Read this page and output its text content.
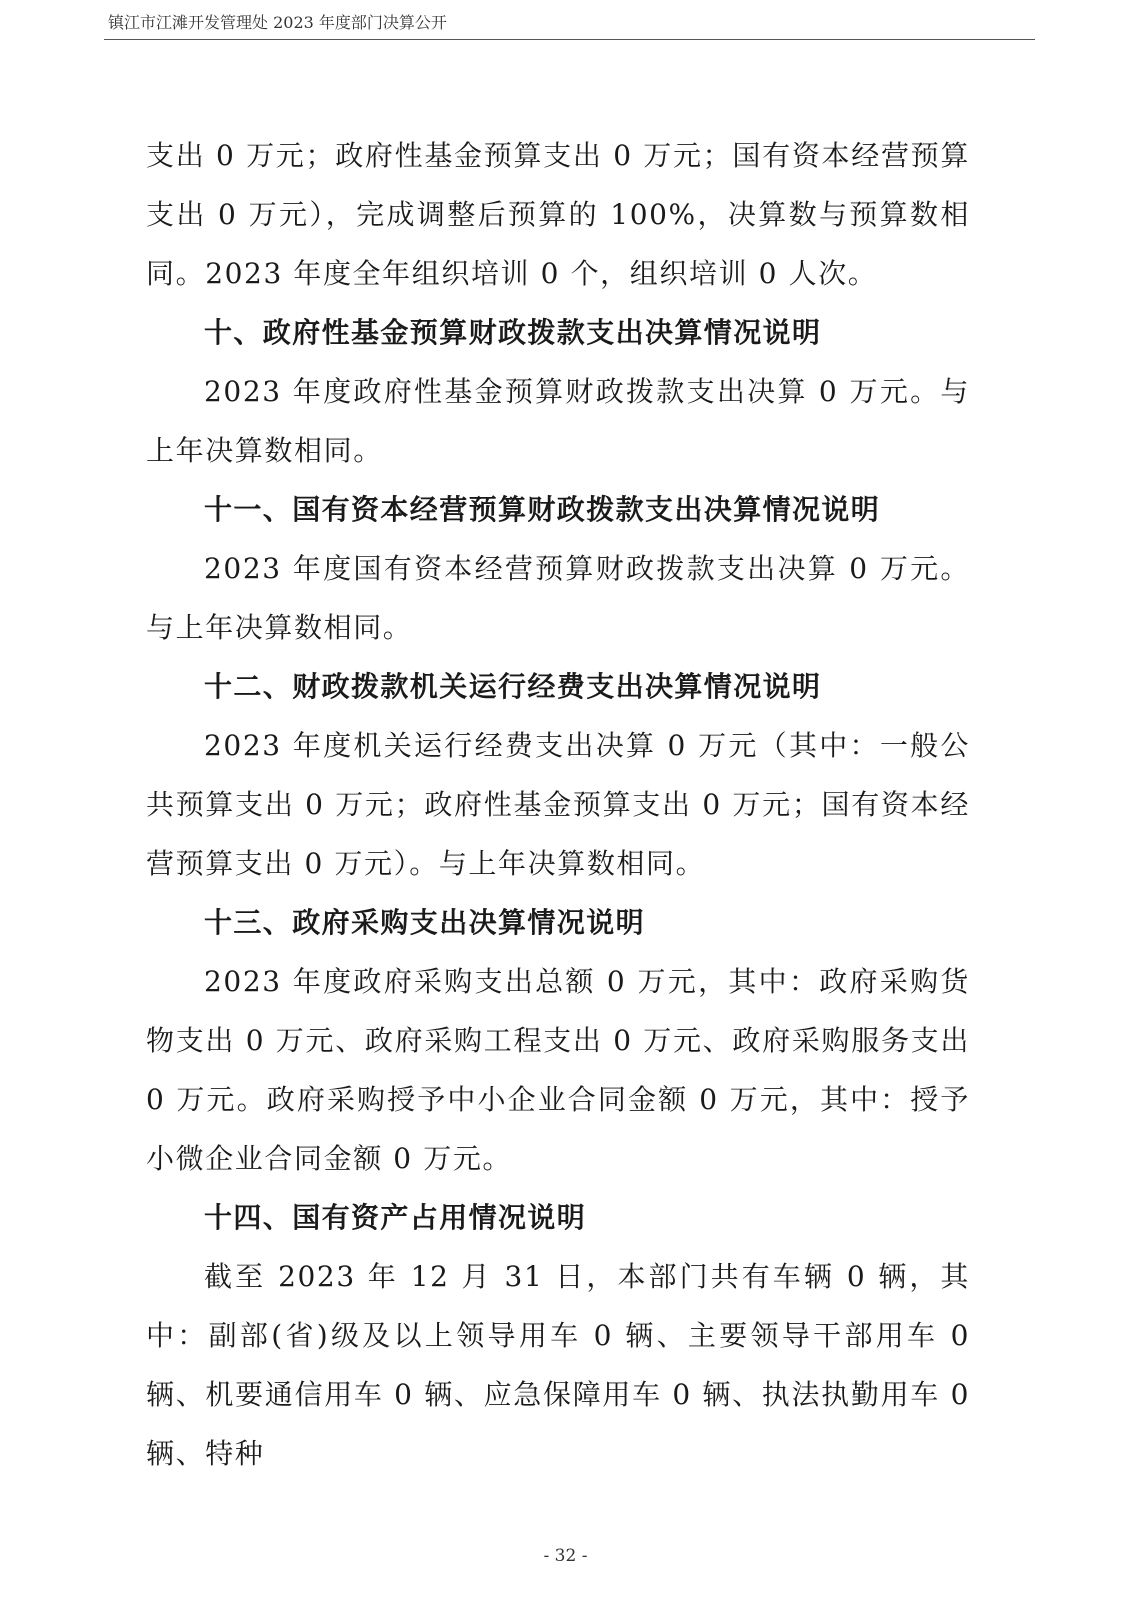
镇江市江滩开发管理处 2023 年度部门决算公开

支出 0 万元；政府性基金预算支出 0 万元；国有资本经营预算支出 0 万元），完成调整后预算的 100%，决算数与预算数相同。2023 年度全年组织培训 0 个，组织培训 0 人次。

十、政府性基金预算财政拨款支出决算情况说明

2023 年度政府性基金预算财政拨款支出决算 0 万元。与上年决算数相同。

十一、国有资本经营预算财政拨款支出决算情况说明

2023 年度国有资本经营预算财政拨款支出决算 0 万元。与上年决算数相同。

十二、财政拨款机关运行经费支出决算情况说明

2023 年度机关运行经费支出决算 0 万元（其中：一般公共预算支出 0 万元；政府性基金预算支出 0 万元；国有资本经营预算支出 0 万元）。与上年决算数相同。

十三、政府采购支出决算情况说明

2023 年度政府采购支出总额 0 万元，其中：政府采购货物支出 0 万元、政府采购工程支出 0 万元、政府采购服务支出 0 万元。政府采购授予中小企业合同金额 0 万元，其中：授予小微企业合同金额 0 万元。

十四、国有资产占用情况说明

截至 2023 年 12 月 31 日，本部门共有车辆 0 辆，其中：副部(省)级及以上领导用车 0 辆、主要领导干部用车 0 辆、机要通信用车 0 辆、应急保障用车 0 辆、执法执勤用车 0 辆、特种

- 32 -
